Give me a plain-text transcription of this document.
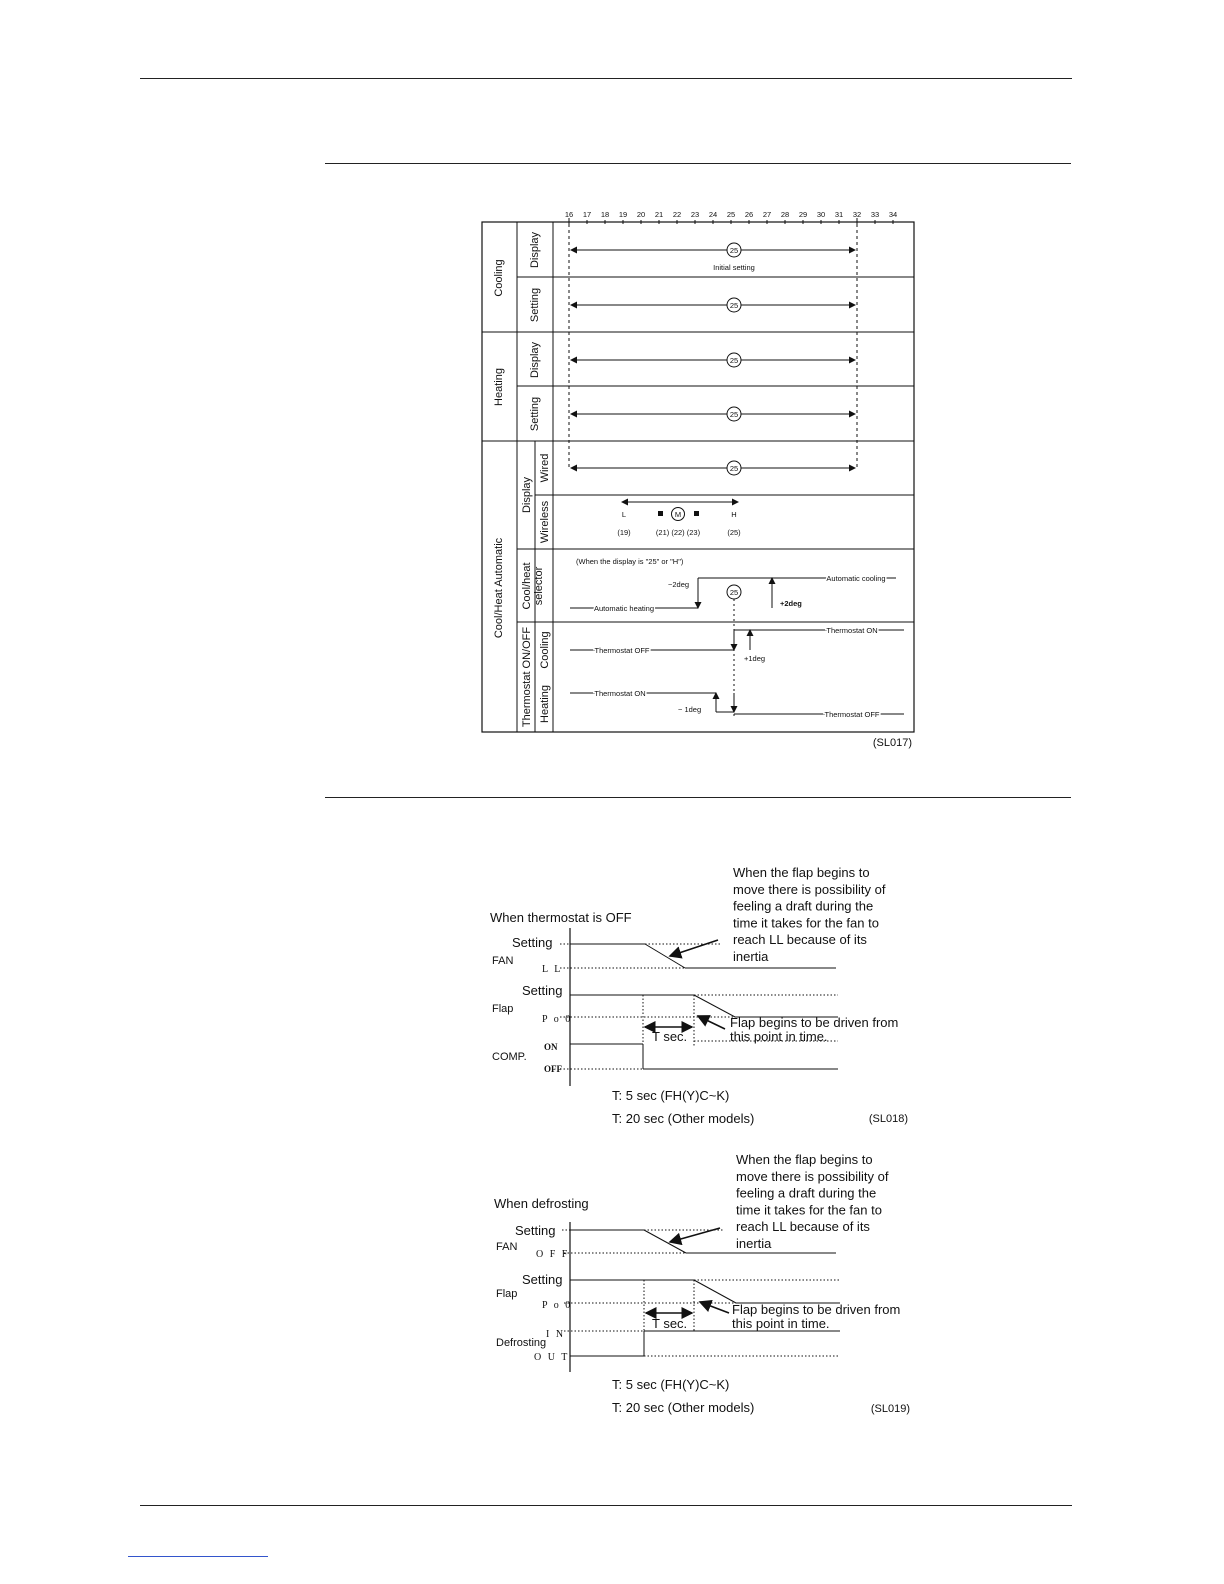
16 17 18 19 20 21 22 23 24 25 26 27 28 29 30 31 32 33 34
Cooling
Heating
Cool/Heat Automatic
Display
Setting
Display
Setting
Display
Wired
Wireless
Cool/heatselector
Thermostat ON/OFF Cooling
Heating
25
25
25
25
25
Initial setting
L	M	H
(19)	(21) (22) (23)	(25)
(When the display is "25" or "H")
Automatic heating
Automatic cooling
−2deg
+2deg
25
Thermostat OFF
Thermostat ON
+1deg
Thermostat ON
Thermostat OFF
− 1deg
(SL017)
When the flap begins to
move there is possibility of
feeling a draft during the
time it takes for the fan to
reach LL because of its
inertia
When thermostat is OFF
Setting
FAN
L L
Setting
Flap
P o 0
T sec.
Flap begins to be driven from
this point in time.
ON
COMP.
OFF
T: 5 sec (FH(Y)C~K)
T: 20 sec (Other models)	(SL018)
When the flap begins to
move there is possibility of
feeling a draft during the
time it takes for the fan to
reach LL because of its
inertia
When defrosting
Setting
FAN
O F F
Setting
Flap
P o 0
T sec.
Flap begins to be driven from
this point in time.
I N
Defrosting
O U T
T: 5 sec (FH(Y)C~K)
T: 20 sec (Other models)	(SL019)
